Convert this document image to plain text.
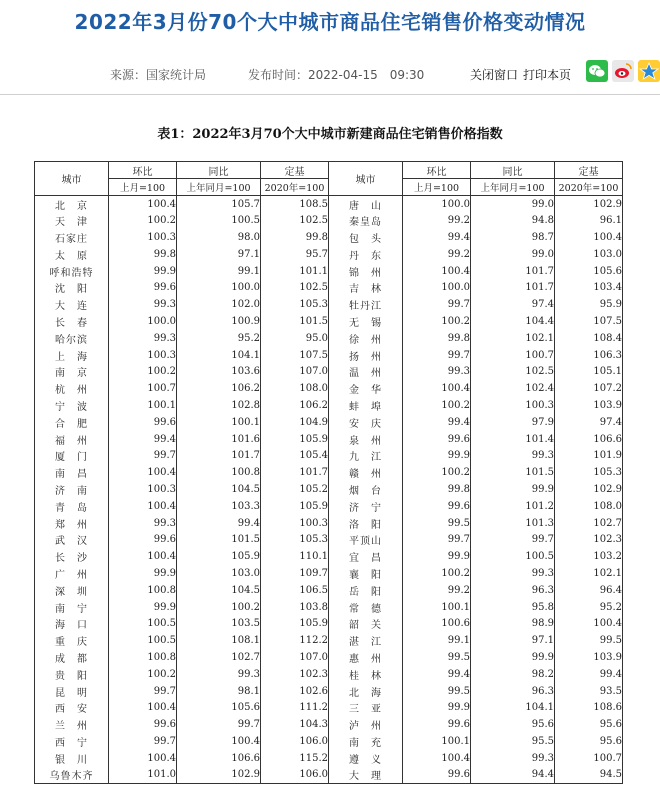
2022年3月份70个大中城市商品住宅销售价格变动情况
来源：国家统计局	发布时间：2022-04-15　09:30	关闭窗口 打印本页
表1：2022年3月70个大中城市新建商品住宅销售价格指数
城市	环比	同比	定基	城市	环比	同比	定基
	上月=100	上年同月=100	2020年=100		上月=100	上年同月=100	2020年=100
北　京	100.4	105.7	108.5	唐　山	100.0	99.0	102.9
天　津	100.2	100.5	102.5	秦皇岛	99.2	94.8	96.1
石家庄	100.3	98.0	99.8	包　头	99.4	98.7	100.4
太　原	99.8	97.1	95.7	丹　东	99.2	99.0	103.0
呼和浩特	99.9	99.1	101.1	锦　州	100.4	101.7	105.6
沈　阳	99.6	100.0	102.5	吉　林	100.0	101.7	103.4
大　连	99.3	102.0	105.3	牡丹江	99.7	97.4	95.9
长　春	100.0	100.9	101.5	无　锡	100.2	104.4	107.5
哈尔滨	99.3	95.2	95.0	徐　州	99.8	102.1	108.4
上　海	100.3	104.1	107.5	扬　州	99.7	100.7	106.3
南　京	100.2	103.6	107.0	温　州	99.3	102.5	105.1
杭　州	100.7	106.2	108.0	金　华	100.4	102.4	107.2
宁　波	100.1	102.8	106.2	蚌　埠	100.2	100.3	103.9
合　肥	99.6	100.1	104.9	安　庆	99.4	97.9	97.4
福　州	99.4	101.6	105.9	泉　州	99.6	101.4	106.6
厦　门	99.7	101.7	105.4	九　江	99.9	99.3	101.9
南　昌	100.4	100.8	101.7	赣　州	100.2	101.5	105.3
济　南	100.3	104.5	105.2	烟　台	99.8	99.9	102.9
青　岛	100.4	103.3	105.9	济　宁	99.6	101.2	108.0
郑　州	99.3	99.4	100.3	洛　阳	99.5	101.3	102.7
武　汉	99.6	101.5	105.3	平顶山	99.7	99.7	102.3
长　沙	100.4	105.9	110.1	宜　昌	99.9	100.5	103.2
广　州	99.9	103.0	109.7	襄　阳	100.2	99.3	102.1
深　圳	100.8	104.5	106.5	岳　阳	99.2	96.3	96.4
南　宁	99.9	100.2	103.8	常　德	100.1	95.8	95.2
海　口	100.5	103.5	105.9	韶　关	100.6	98.9	100.4
重　庆	100.5	108.1	112.2	湛　江	99.1	97.1	99.5
成　都	100.8	102.7	107.0	惠　州	99.5	99.9	103.9
贵　阳	100.2	99.3	102.3	桂　林	99.4	98.2	99.4
昆　明	99.7	98.1	102.6	北　海	99.5	96.3	93.5
西　安	100.4	105.6	111.2	三　亚	99.9	104.1	108.6
兰　州	99.6	99.7	104.3	泸　州	99.6	95.6	95.6
西　宁	99.7	100.4	106.0	南　充	100.1	95.5	95.6
银　川	100.4	106.6	115.2	遵　义	100.4	99.3	100.7
乌鲁木齐	101.0	102.9	106.0	大　理	99.6	94.4	94.5
